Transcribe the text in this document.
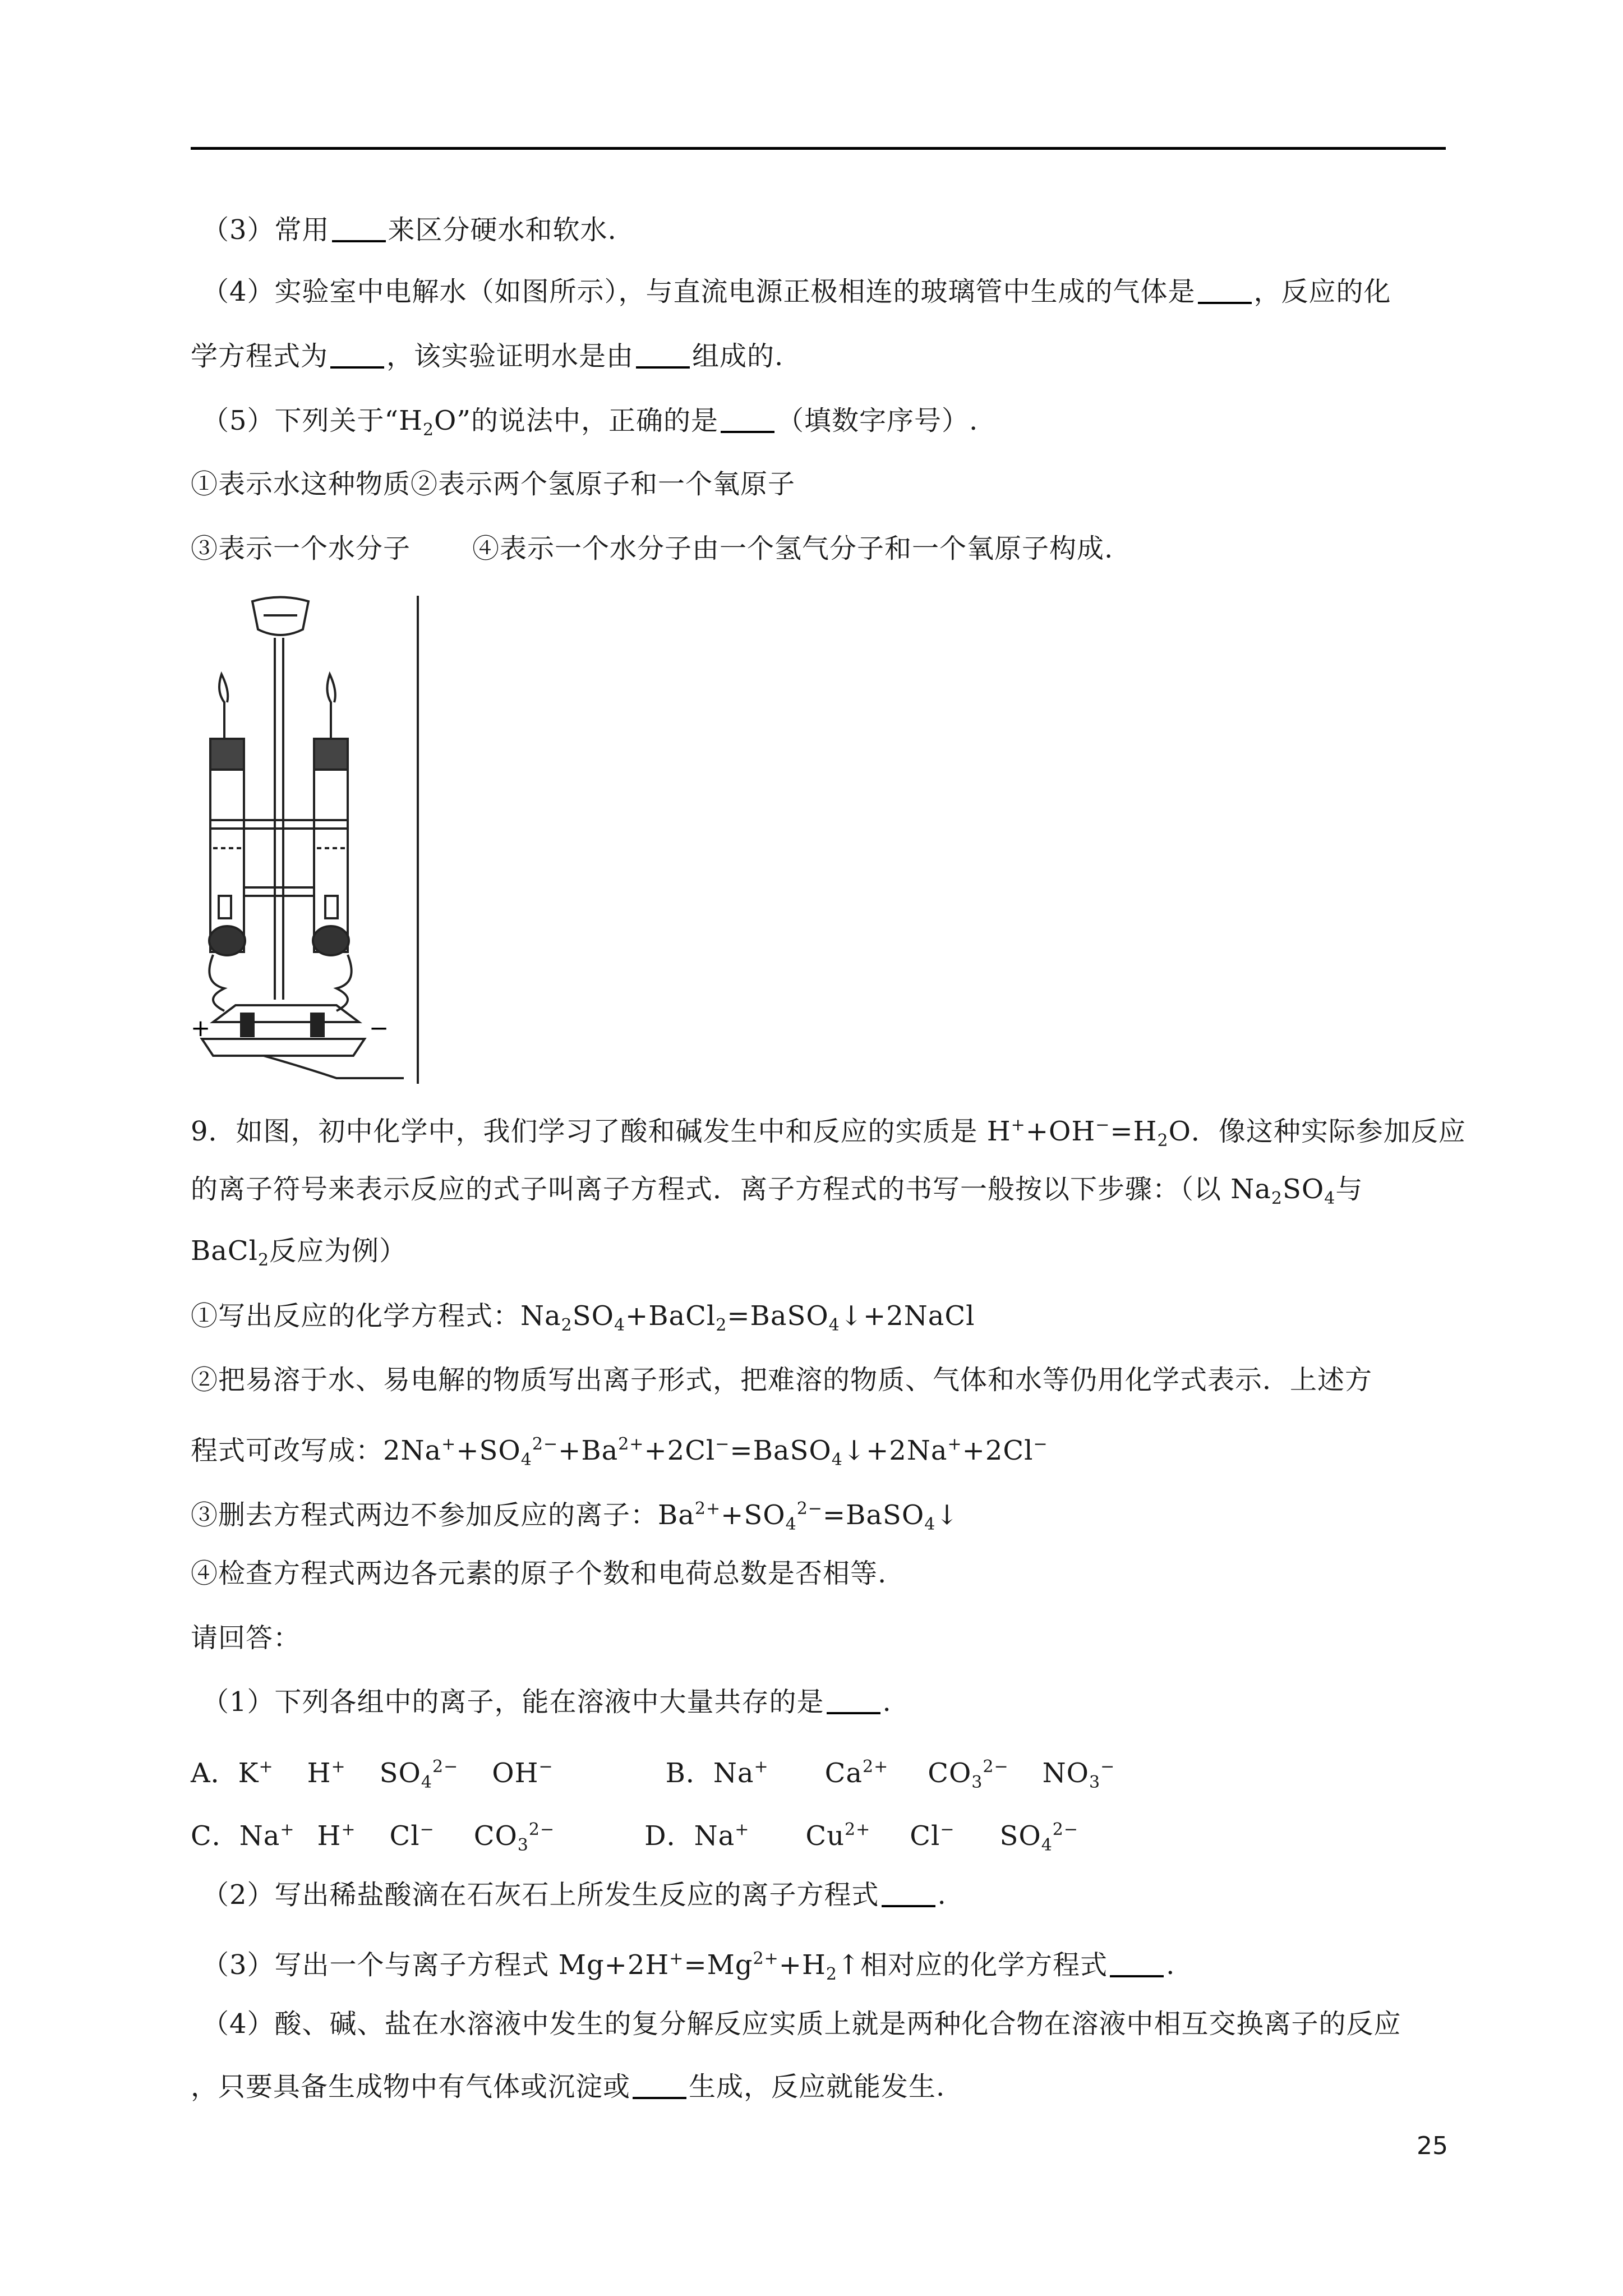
（3）常用 来区分硬水和软水.
（4）实验室中电解水（如图所示），与直流电源正极相连的玻璃管中生成的气体是 ，反应的化
学方程式为 ，该实验证明水是由 组成的.
（5）下列关于“$H_2O$”的说法中，正确的是 （填数字序号）.
①表示水这种物质②表示两个氢原子和一个氧原子
③表示一个水分子 ④表示一个水分子由一个氢气分子和一个氧原子构成.
+	−
9．如图，初中化学中，我们学习了酸和碱发生中和反应的实质是 $H^++OH^-=H_2O$．像这种实际参加反应
的离子符号来表示反应的式子叫离子方程式．离子方程式的书写一般按以下步骤：（以 $Na_2SO_4$与
BaCl$_2$反应为例）
①写出反应的化学方程式：$Na_2SO_4+BaCl_2=BaSO_4↓+2NaCl$
②把易溶于水、易电解的物质写出离子形式，把难溶的物质、气体和水等仍用化学式表示．上述方
程式可改写成：$2Na^++SO_4^{2-}+Ba^{2+}+2Cl^-=BaSO_4↓+2Na^++2Cl^-$
③删去方程式两边不参加反应的离子：$Ba^{2+}+SO_4^{2-}=BaSO_4↓$
④检查方程式两边各元素的原子个数和电荷总数是否相等.
请回答：
（1）下列各组中的离子，能在溶液中大量共存的是 .
A．K+ H+ $SO_4^{2-}$ OH−	B．Na+ $Ca^{2+}$ $CO_3^{2-}$ $NO_3^-$
C．Na+ H+ Cl− $CO_3^{2-}$	D．Na+ $Cu^{2+}$ Cl− $SO_4^{2-}$
（2）写出稀盐酸滴在石灰石上所发生反应的离子方程式 .
（3）写出一个与离子方程式 $Mg+2H^+=Mg^{2+}+H_2↑$相对应的化学方程式 .
（4）酸、碱、盐在水溶液中发生的复分解反应实质上就是两种化合物在溶液中相互交换离子的反应
，只要具备生成物中有气体或沉淀或 生成，反应就能发生.
25
